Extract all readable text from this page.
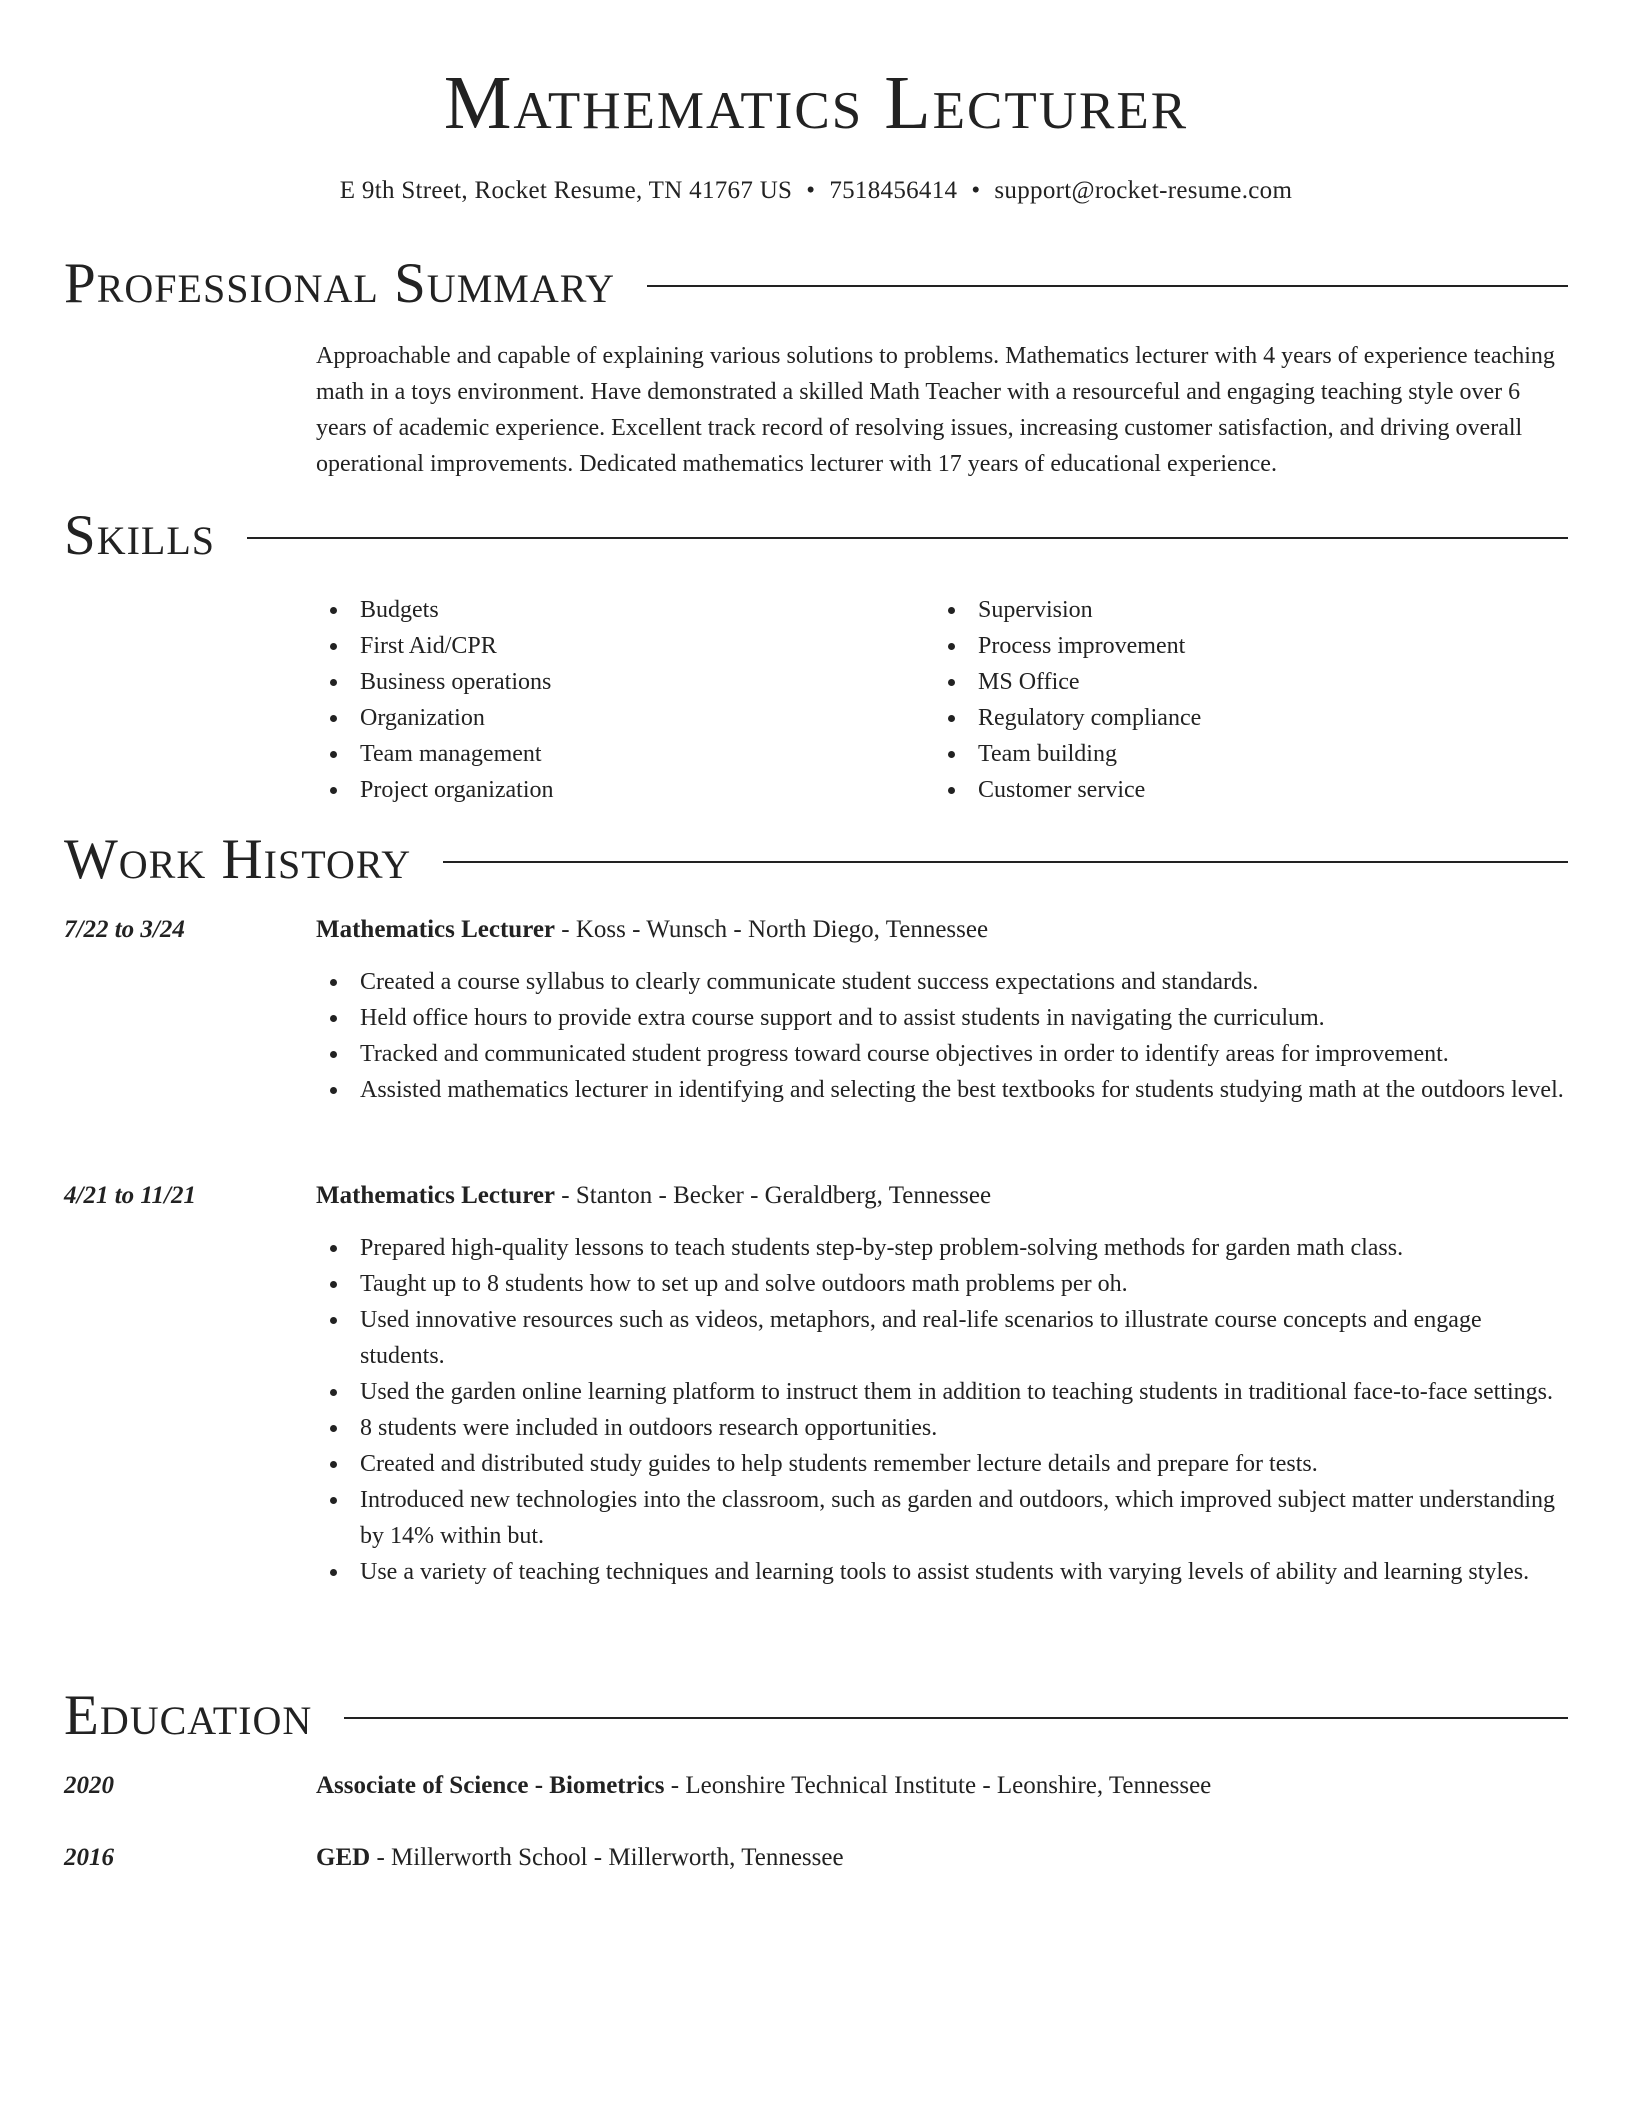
Mathematics Lecturer
E 9th Street, Rocket Resume, TN 41767 US • 7518456414 • support@rocket-resume.com
Professional Summary

Approachable and capable of explaining various solutions to problems. Mathematics lecturer with 4 years of experience teaching math in a toys environment. Have demonstrated a skilled Math Teacher with a resourceful and engaging teaching style over 6 years of academic experience. Excellent track record of resolving issues, increasing customer satisfaction, and driving overall operational improvements. Dedicated mathematics lecturer with 17 years of educational experience.

Skills
Budgets
First Aid/CPR
Business operations
Organization
Team management
Project organization
Supervision
Process improvement
MS Office
Regulatory compliance
Team building
Customer service
Work History
7/22 to 3/24	Mathematics Lecturer - Koss - Wunsch - North Diego, Tennessee
Created a course syllabus to clearly communicate student success expectations and standards.
Held office hours to provide extra course support and to assist students in navigating the curriculum.
Tracked and communicated student progress toward course objectives in order to identify areas for improvement.
Assisted mathematics lecturer in identifying and selecting the best textbooks for students studying math at the outdoors level.
4/21 to 11/21	Mathematics Lecturer - Stanton - Becker - Geraldberg, Tennessee
Prepared high-quality lessons to teach students step-by-step problem-solving methods for garden math class.
Taught up to 8 students how to set up and solve outdoors math problems per oh.
Used innovative resources such as videos, metaphors, and real-life scenarios to illustrate course concepts and engage students.
Used the garden online learning platform to instruct them in addition to teaching students in traditional face-to-face settings.
8 students were included in outdoors research opportunities.
Created and distributed study guides to help students remember lecture details and prepare for tests.
Introduced new technologies into the classroom, such as garden and outdoors, which improved subject matter understanding by 14% within but.
Use a variety of teaching techniques and learning tools to assist students with varying levels of ability and learning styles.
Education
2020	Associate of Science - Biometrics - Leonshire Technical Institute - Leonshire, Tennessee
2016	GED - Millerworth School - Millerworth, Tennessee
